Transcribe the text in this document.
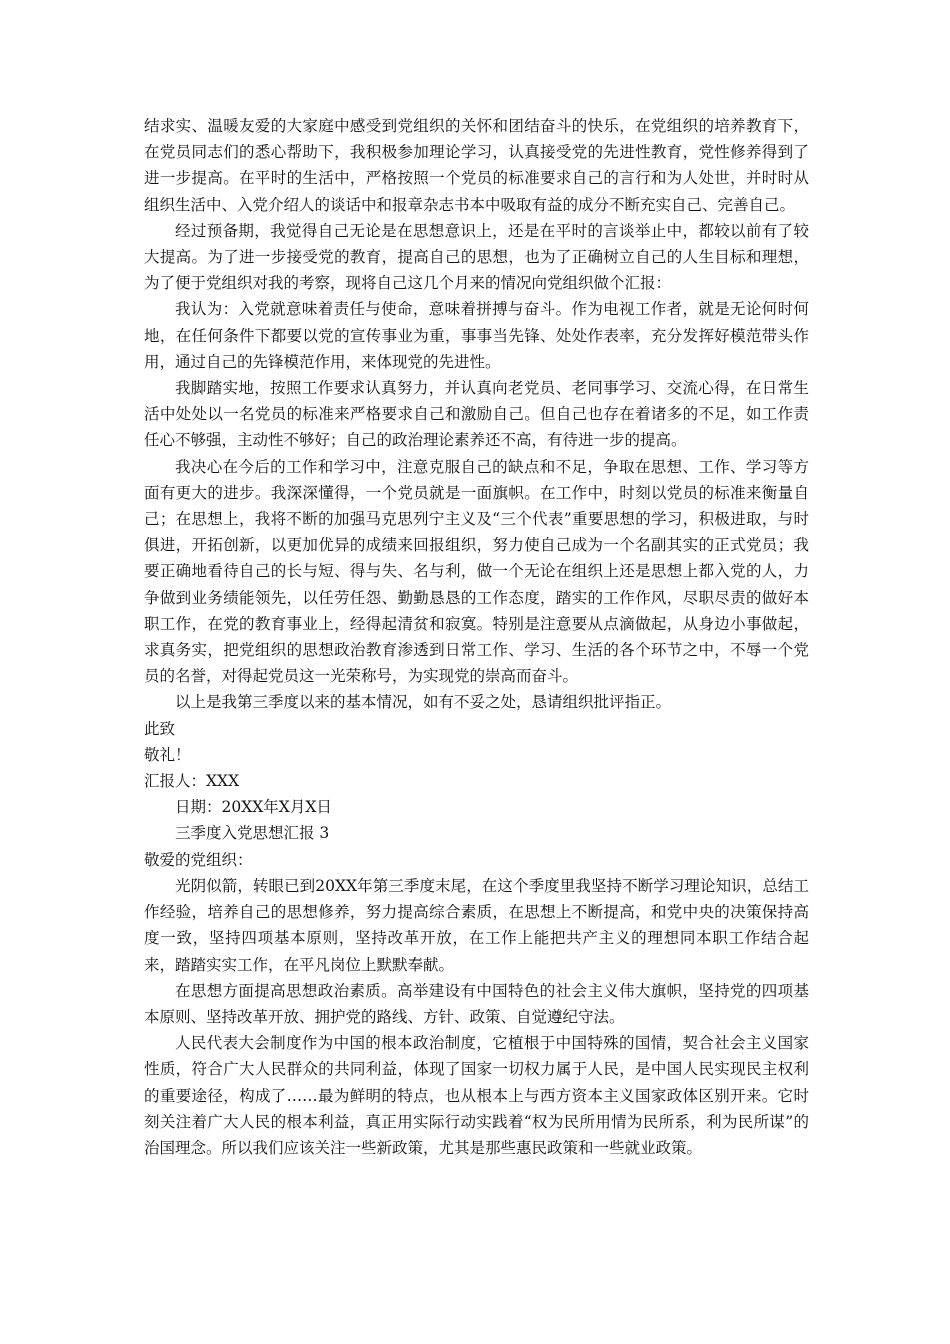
结求实、温暖友爱的大家庭中感受到党组织的关怀和团结奋斗的快乐，在党组织的培养教育下，在党员同志们的悉心帮助下，我积极参加理论学习，认真接受党的先进性教育，党性修养得到了进一步提高。在平时的生活中，严格按照一个党员的标准要求自己的言行和为人处世，并时时从组织生活中、入党介绍人的谈话中和报章杂志书本中吸取有益的成分不断充实自己、完善自己。

经过预备期，我觉得自己无论是在思想意识上，还是在平时的言谈举止中，都较以前有了较大提高。为了进一步接受党的教育，提高自己的思想，也为了正确树立自己的人生目标和理想，为了便于党组织对我的考察，现将自己这几个月来的情况向党组织做个汇报：

我认为：入党就意味着责任与使命，意味着拼搏与奋斗。作为电视工作者，就是无论何时何地，在任何条件下都要以党的宣传事业为重，事事当先锋、处处作表率，充分发挥好模范带头作用，通过自己的先锋模范作用，来体现党的先进性。

我脚踏实地，按照工作要求认真努力，并认真向老党员、老同事学习、交流心得，在日常生活中处处以一名党员的标准来严格要求自己和激励自己。但自己也存在着诸多的不足，如工作责任心不够强，主动性不够好；自己的政治理论素养还不高，有待进一步的提高。

我决心在今后的工作和学习中，注意克服自己的缺点和不足，争取在思想、工作、学习等方面有更大的进步。我深深懂得，一个党员就是一面旗帜。在工作中，时刻以党员的标准来衡量自己；在思想上，我将不断的加强马克思列宁主义及“三个代表”重要思想的学习，积极进取，与时俱进，开拓创新，以更加优异的成绩来回报组织，努力使自己成为一个名副其实的正式党员；我要正确地看待自己的长与短、得与失、名与利，做一个无论在组织上还是思想上都入党的人，力争做到业务绩能领先，以任劳任怨、勤勤恳恳的工作态度，踏实的工作作风，尽职尽责的做好本职工作，在党的教育事业上，经得起清贫和寂寞。特别是注意要从点滴做起，从身边小事做起，求真务实，把党组织的思想政治教育渗透到日常工作、学习、生活的各个环节之中，不辱一个党员的名誉，对得起党员这一光荣称号，为实现党的崇高而奋斗。

以上是我第三季度以来的基本情况，如有不妥之处，恳请组织批评指正。

此致

敬礼！

汇报人：XXX

日期：20XX年X月X日

三季度入党思想汇报 3

敬爱的党组织：

光阴似箭，转眼已到20XX年第三季度末尾，在这个季度里我坚持不断学习理论知识，总结工作经验，培养自己的思想修养，努力提高综合素质，在思想上不断提高，和党中央的决策保持高度一致，坚持四项基本原则，坚持改革开放，在工作上能把共产主义的理想同本职工作结合起来，踏踏实实工作，在平凡岗位上默默奉献。

在思想方面提高思想政治素质。高举建设有中国特色的社会主义伟大旗帜，坚持党的四项基本原则、坚持改革开放、拥护党的路线、方针、政策、自觉遵纪守法。

人民代表大会制度作为中国的根本政治制度，它植根于中国特殊的国情，契合社会主义国家性质，符合广大人民群众的共同利益，体现了国家一切权力属于人民，是中国人民实现民主权利的重要途径，构成了……最为鲜明的特点，也从根本上与西方资本主义国家政体区别开来。它时刻关注着广大人民的根本利益，真正用实际行动实践着“权为民所用情为民所系，利为民所谋”的治国理念。所以我们应该关注一些新政策，尤其是那些惠民政策和一些就业政策。
